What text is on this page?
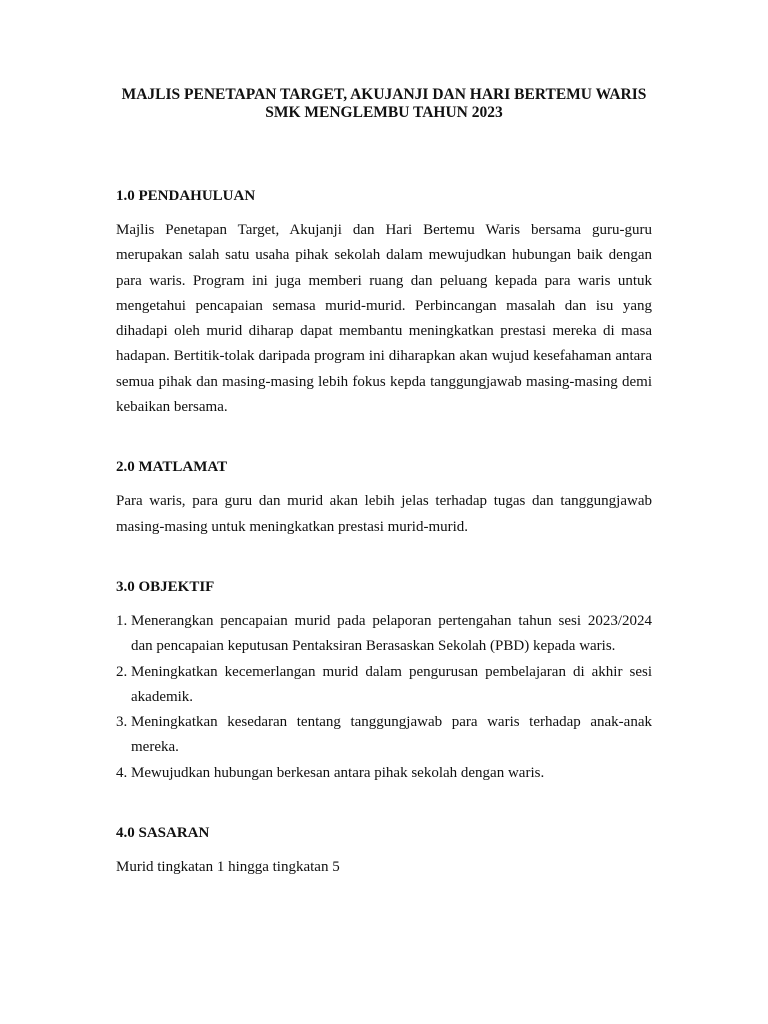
MAJLIS PENETAPAN TARGET, AKUJANJI DAN HARI BERTEMU WARIS

SMK MENGLEMBU TAHUN 2023

1.0 PENDAHULUAN

Majlis Penetapan Target, Akujanji dan Hari Bertemu Waris bersama guru-guru merupakan salah satu usaha pihak sekolah dalam mewujudkan hubungan baik dengan para waris. Program ini juga memberi ruang dan peluang kepada para waris untuk mengetahui pencapaian semasa murid-murid. Perbincangan masalah dan isu yang dihadapi oleh murid diharap dapat membantu meningkatkan prestasi mereka di masa hadapan. Bertitik-tolak daripada program ini diharapkan akan wujud kesefahaman antara semua pihak dan masing-masing lebih fokus kepda tanggungjawab masing-masing demi kebaikan bersama.

2.0 MATLAMAT

Para waris, para guru dan murid akan lebih jelas terhadap tugas dan tanggungjawab masing-masing untuk meningkatkan prestasi murid-murid.

3.0 OBJEKTIF

1. Menerangkan pencapaian murid pada pelaporan pertengahan tahun sesi 2023/2024 dan pencapaian keputusan Pentaksiran Berasaskan Sekolah (PBD) kepada waris.
2. Meningkatkan kecemerlangan murid dalam pengurusan pembelajaran di akhir sesi akademik.
3. Meningkatkan kesedaran tentang tanggungjawab para waris terhadap anak-anak mereka.
4. Mewujudkan hubungan berkesan antara pihak sekolah dengan waris.

4.0 SASARAN

Murid tingkatan 1 hingga tingkatan 5
